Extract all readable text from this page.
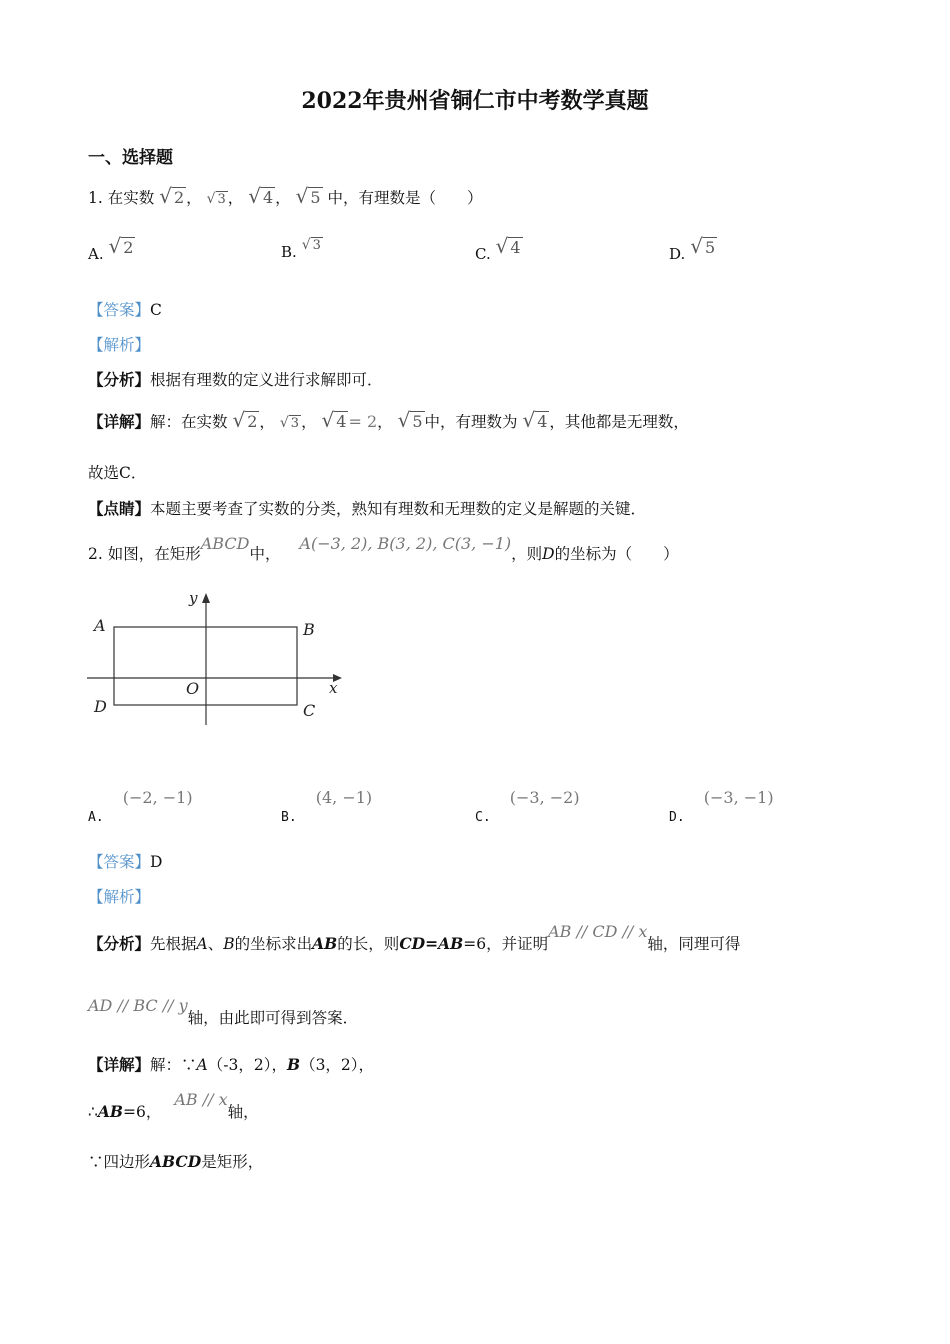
2022年贵州省铜仁市中考数学真题
一、选择题
1. 在实数 √ 2 ， √ 3 ， √ 4 ， √ 5 中，有理数是（　　）
A. √ 2	B. √ 3	C. √ 4	D. √ 5
【答案】C
【解析】
【分析】根据有理数的定义进行求解即可．
【详解】解：在实数 √ 2 ， √ 3 ， √ 4 = 2， √ 5 中，有理数为 √ 4 ，其他都是无理数，
故选C．
【点睛】本题主要考查了实数的分类，熟知有理数和无理数的定义是解题的关键．
2. 如图，在矩形ABCD中， A(−3, 2), B(3, 2), C(3, −1)，则D的坐标为（　　）
A	B
C
D
O	x
y
$_{A.}$ (−2, −1)
$_{B.}$ (4, −1)
$_{C.}$ (−3, −2)
$_{D.}$ (−3, −1)
【答案】D
【解析】
【分析】先根据A、B的坐标求出AB的长，则CD=AB=6，并证明AB // CD // x轴，同理可得
AD // BC // y轴，由此即可得到答案．
【详解】解：∵A（-3，2），B（3，2），
∴AB=6， AB // x轴，
∵四边形ABCD是矩形，
